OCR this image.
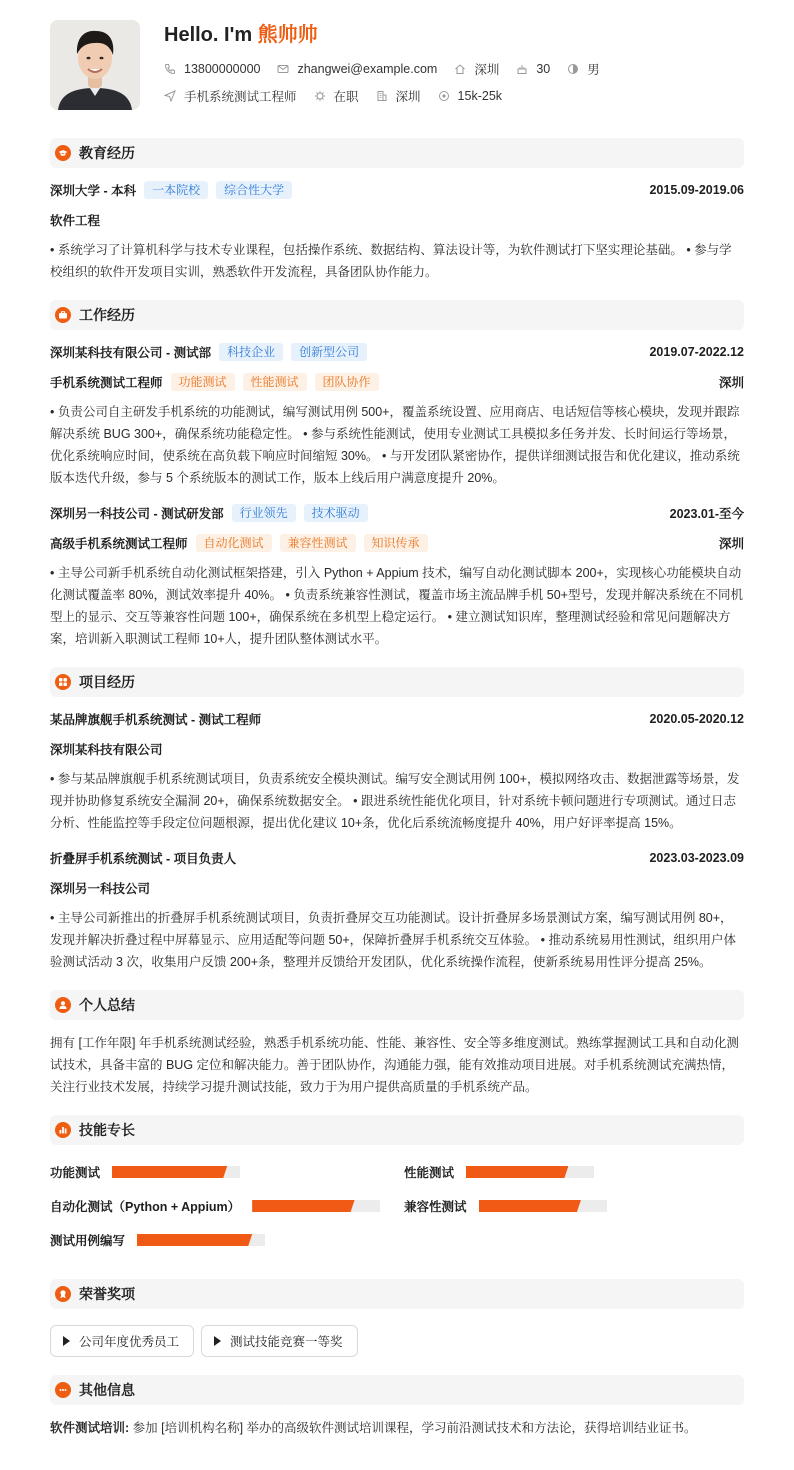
Hello. I'm 熊帅帅
13800000000	zhangwei@example.com	深圳	30	男
手机系统测试工程师	在职	深圳	15k-25k
教育经历
深圳大学 - 本科	一本院校	综合性大学	2015.09-2019.06
软件工程
• 系统学习了计算机科学与技术专业课程，包括操作系统、数据结构、算法设计等，为软件测试打下坚实理论基础。 • 参与学校组织的软件开发项目实训，熟悉软件开发流程，具备团队协作能力。
工作经历
深圳某科技有限公司 - 测试部	科技企业	创新型公司	2019.07-2022.12
手机系统测试工程师	功能测试	性能测试	团队协作	深圳
• 负责公司自主研发手机系统的功能测试，编写测试用例 500+，覆盖系统设置、应用商店、电话短信等核心模块，发现并跟踪解决系统 BUG 300+，确保系统功能稳定性。 • 参与系统性能测试，使用专业测试工具模拟多任务并发、长时间运行等场景，优化系统响应时间，使系统在高负载下响应时间缩短 30%。 • 与开发团队紧密协作，提供详细测试报告和优化建议，推动系统版本迭代升级，参与 5 个系统版本的测试工作，版本上线后用户满意度提升 20%。
深圳另一科技公司 - 测试研发部	行业领先	技术驱动	2023.01-至今
高级手机系统测试工程师	自动化测试	兼容性测试	知识传承	深圳
• 主导公司新手机系统自动化测试框架搭建，引入 Python + Appium 技术，编写自动化测试脚本 200+，实现核心功能模块自动化测试覆盖率 80%，测试效率提升 40%。 • 负责系统兼容性测试，覆盖市场主流品牌手机 50+型号，发现并解决系统在不同机型上的显示、交互等兼容性问题 100+，确保系统在多机型上稳定运行。 • 建立测试知识库，整理测试经验和常见问题解决方案，培训新入职测试工程师 10+人，提升团队整体测试水平。
项目经历
某品牌旗舰手机系统测试 - 测试工程师	2020.05-2020.12
深圳某科技有限公司
• 参与某品牌旗舰手机系统测试项目，负责系统安全模块测试。编写安全测试用例 100+，模拟网络攻击、数据泄露等场景，发现并协助修复系统安全漏洞 20+，确保系统数据安全。 • 跟进系统性能优化项目，针对系统卡顿问题进行专项测试。通过日志分析、性能监控等手段定位问题根源，提出优化建议 10+条，优化后系统流畅度提升 40%，用户好评率提高 15%。
折叠屏手机系统测试 - 项目负责人	2023.03-2023.09
深圳另一科技公司
• 主导公司新推出的折叠屏手机系统测试项目，负责折叠屏交互功能测试。设计折叠屏多场景测试方案，编写测试用例 80+，发现并解决折叠过程中屏幕显示、应用适配等问题 50+，保障折叠屏手机系统交互体验。 • 推动系统易用性测试，组织用户体验测试活动 3 次，收集用户反馈 200+条，整理并反馈给开发团队，优化系统操作流程，使新系统易用性评分提高 25%。
个人总结
拥有 [工作年限] 年手机系统测试经验，熟悉手机系统功能、性能、兼容性、安全等多维度测试。熟练掌握测试工具和自动化测试技术，具备丰富的 BUG 定位和解决能力。善于团队协作，沟通能力强，能有效推动项目进展。对手机系统测试充满热情，关注行业技术发展，持续学习提升测试技能，致力于为用户提供高质量的手机系统产品。
技能专长
功能测试	性能测试
自动化测试（Python + Appium）	兼容性测试
测试用例编写
荣誉奖项
公司年度优秀员工	测试技能竞赛一等奖
其他信息
软件测试培训: 参加 [培训机构名称] 举办的高级软件测试培训课程，学习前沿测试技术和方法论，获得培训结业证书。
